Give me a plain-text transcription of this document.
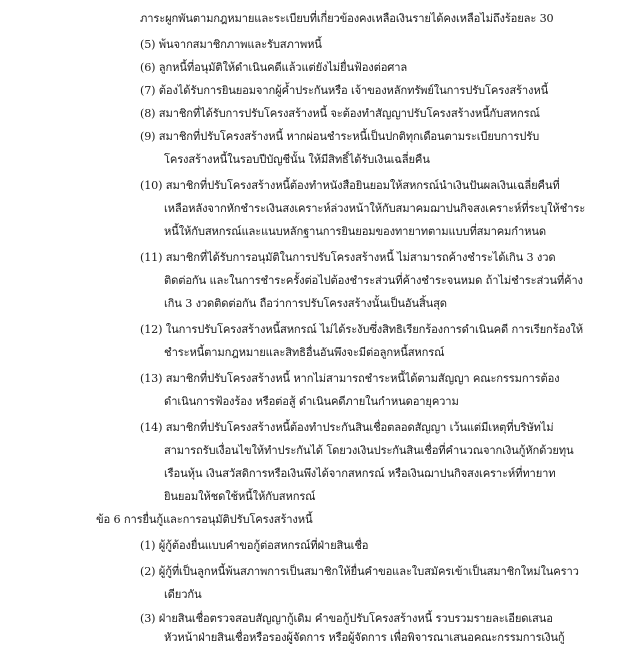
ภาระผูกพันตามกฎหมายและระเบียบที่เกี่ยวข้องคงเหลือเงินรายได้คงเหลือไม่ถึงร้อยละ 30
(5) พ้นจากสมาชิกภาพและรับสภาพหนี้
(6) ลูกหนี้ที่อนุมัติให้ดำเนินคดีแล้วแต่ยังไม่ยื่นฟ้องต่อศาล
(7) ต้องได้รับการยินยอมจากผู้ค้ำประกันหรือ เจ้าของหลักทรัพย์ในการปรับโครงสร้างหนี้
(8) สมาชิกที่ได้รับการปรับโครงสร้างหนี้ จะต้องทำสัญญาปรับโครงสร้างหนี้กับสหกรณ์
(9) สมาชิกที่ปรับโครงสร้างหนี้ หากผ่อนชำระหนี้เป็นปกติทุกเดือนตามระเบียบการปรับ
โครงสร้างหนี้ในรอบปีบัญชีนั้น ให้มีสิทธิ์ได้รับเงินเฉลี่ยคืน
(10) สมาชิกที่ปรับโครงสร้างหนี้ต้องทำหนังสือยินยอมให้สหกรณ์นำเงินปันผลเงินเฉลี่ยคืนที่
เหลือหลังจากหักชำระเงินสงเคราะห์ล่วงหน้าให้กับสมาคมฌาปนกิจสงเคราะห์ที่ระบุให้ชำระ
หนี้ให้กับสหกรณ์และแนบหลักฐานการยินยอมของทายาทตามแบบที่สมาคมกำหนด
(11) สมาชิกที่ได้รับการอนุมัติในการปรับโครงสร้างหนี้ ไม่สามารถค้างชำระได้เกิน 3 งวด
ติดต่อกัน และในการชำระครั้งต่อไปต้องชำระส่วนที่ค้างชำระจนหมด ถ้าไม่ชำระส่วนที่ค้าง
เกิน 3 งวดติดต่อกัน ถือว่าการปรับโครงสร้างนั้นเป็นอันสิ้นสุด
(12) ในการปรับโครงสร้างหนี้สหกรณ์ ไม่ได้ระงับซึ่งสิทธิเรียกร้องการดำเนินคดี การเรียกร้องให้
ชำระหนี้ตามกฎหมายและสิทธิอื่นอันพึงจะมีต่อลูกหนี้สหกรณ์
(13) สมาชิกที่ปรับโครงสร้างหนี้ หากไม่สามารถชำระหนี้ได้ตามสัญญา คณะกรรมการต้อง
ดำเนินการฟ้องร้อง หรือต่อสู้ ดำเนินคดีภายในกำหนดอายุความ
(14) สมาชิกที่ปรับโครงสร้างหนี้ต้องทำประกันสินเชื่อตลอดสัญญา เว้นแต่มีเหตุที่บริษัทไม่
สามารถรับเงื่อนไขให้ทำประกันได้ โดยวงเงินประกันสินเชื่อที่คำนวณจากเงินกู้หักด้วยทุน
เรือนหุ้น เงินสวัสดิการหรือเงินพึงได้จากสหกรณ์ หรือเงินฌาปนกิจสงเคราะห์ที่ทายาท
ยินยอมให้ชดใช้หนี้ให้กับสหกรณ์
ข้อ 6 การยื่นกู้และการอนุมัติปรับโครงสร้างหนี้
(1) ผู้กู้ต้องยื่นแบบคำขอกู้ต่อสหกรณ์ที่ฝ่ายสินเชื่อ
(2) ผู้กู้ที่เป็นลูกหนี้พ้นสภาพการเป็นสมาชิกให้ยื่นคำขอและใบสมัครเข้าเป็นสมาชิกใหม่ในคราว
เดียวกัน
(3) ฝ่ายสินเชื่อตรวจสอบสัญญากู้เดิม คำขอกู้ปรับโครงสร้างหนี้ รวบรวมรายละเอียดเสนอ
หัวหน้าฝ่ายสินเชื่อหรือรองผู้จัดการ หรือผู้จัดการ เพื่อพิจารณาเสนอคณะกรรมการเงินกู้
